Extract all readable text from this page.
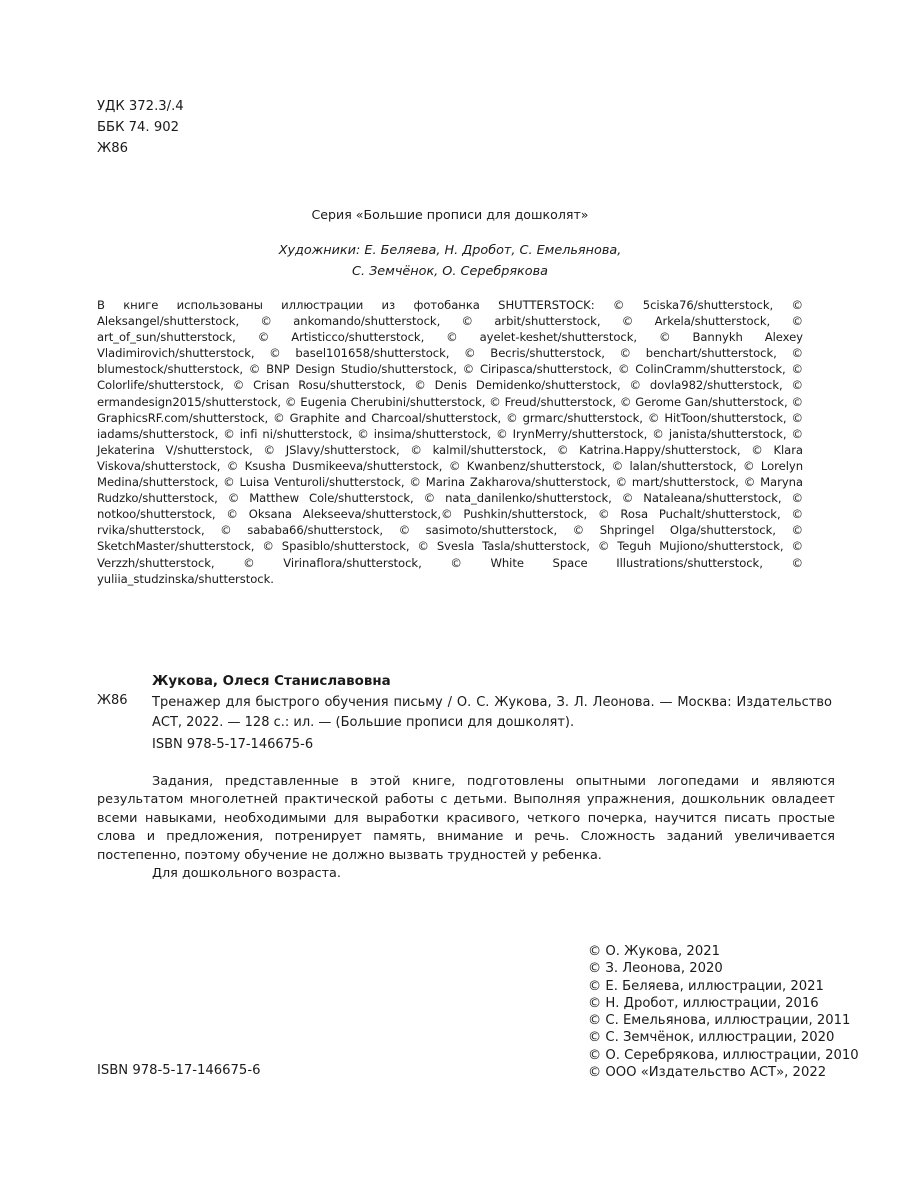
УДК 372.3/.4
ББК 74. 902
Ж86
Серия «Большие прописи для дошколят»
Художники: Е. Беляева, Н. Дробот, С. Емельянова,
С. Земчёнок, О. Серебрякова
В книге использованы иллюстрации из фотобанка SHUTTERSTOCK: © 5ciska76/shutterstock, © Aleksangel/shutterstock, © ankomando/shutterstock, © arbit/shutterstock, © Arkela/shutterstock, © art_of_sun/shutterstock, © Artisticco/shutterstock, © ayelet-keshet/shutterstock, © Bannykh Alexey Vladimirovich/shutterstock, © basel101658/shutterstock, © Becris/shutterstock, © benchart/shutterstock, © blumestock/shutterstock, © BNP Design Studio/shutterstock, © Ciripasca/shutterstock, © ColinCramm/shutterstock, © Colorlife/shutterstock, © Crisan Rosu/shutterstock, © Denis Demidenko/shutterstock, © dovla982/shutterstock, © ermandesign2015/shutterstock, © Eugenia Cherubini/shutterstock, © Freud/shutterstock, © Gerome Gan/shutterstock, © GraphicsRF.com/shutterstock, © Graphite and Charcoal/shutterstock, © grmarc/shutterstock, © HitToon/shutterstock, © iadams/shutterstock, © infi ni/shutterstock, © insima/shutterstock, © IrynMerry/shutterstock, © janista/shutterstock, © Jekaterina V/shutterstock, © JSlavy/shutterstock, © kalmil/shutterstock, © Katrina.Happy/shutterstock, © Klara Viskova/shutterstock, © Ksusha Dusmikeeva/shutterstock, © Kwanbenz/shutterstock, © lalan/shutterstock, © Lorelyn Medina/shutterstock, © Luisa Venturoli/shutterstock, © Marina Zakharova/shutterstock, © mart/shutterstock, © Maryna Rudzko/shutterstock, © Matthew Cole/shutterstock, © nata_danilenko/shutterstock, © Nataleana/shutterstock, © notkoo/shutterstock, © Oksana Alekseeva/shutterstock,© Pushkin/shutterstock, © Rosa Puchalt/shutterstock, © rvika/shutterstock, © sababa66/shutterstock, © sasimoto/shutterstock, © Shpringel Olga/shutterstock, © SketchMaster/shutterstock, © Spasiblo/shutterstock, © Svesla Tasla/shutterstock, © Teguh Mujiono/shutterstock, © Verzzh/shutterstock, © Virinaflora/shutterstock, © White Space Illustrations/shutterstock, © yuliia_studzinska/shutterstock.
Жукова, Олеся Станиславовна
Ж86 Тренажер для быстрого обучения письму / О. С. Жукова, З. Л. Леонова. — Москва: Издательство АСТ, 2022. — 128 с.: ил. — (Большие прописи для дошколят).
ISBN 978-5-17-146675-6

Задания, представленные в этой книге, подготовлены опытными логопедами и являются результатом многолетней практической работы с детьми. Выполняя упражнения, дошкольник овладеет всеми навыками, необходимыми для выработки красивого, четкого почерка, научится писать простые слова и предложения, потренирует память, внимание и речь. Сложность заданий увеличивается постепенно, поэтому обучение не должно вызвать трудностей у ребенка.

Для дошкольного возраста.

© О. Жукова, 2021
© З. Леонова, 2020
© Е. Беляева, иллюстрации, 2021
© Н. Дробот, иллюстрации, 2016
© С. Емельянова, иллюстрации, 2011
© С. Земчёнок, иллюстрации, 2020
© О. Серебрякова, иллюстрации, 2010
© ООО «Издательство АСТ», 2022
ISBN 978-5-17-146675-6
